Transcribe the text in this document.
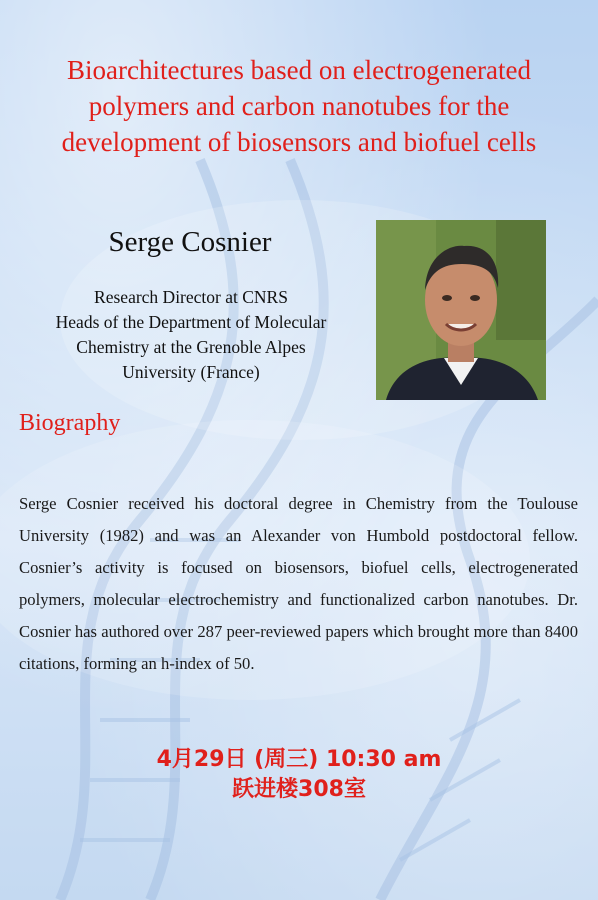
Bioarchitectures based on electrogenerated
polymers and carbon nanotubes for the
development of biosensors and biofuel cells
Serge Cosnier
Research Director at CNRS
Heads of the Department of Molecular
Chemistry at the Grenoble Alpes
University (France)
Biography

Serge Cosnier received his doctoral degree in Chemistry from the Toulouse University (1982) and was an Alexander von Humbold postdoctoral fellow. Cosnier’s activity is focused on biosensors, biofuel cells, electrogenerated polymers, molecular electrochemistry and functionalized carbon nanotubes. Dr. Cosnier has authored over 287 peer-reviewed papers which brought more than 8400 citations, forming an h-index of 50.

4月29日 (周三) 10:30 am
跃进楼308室
